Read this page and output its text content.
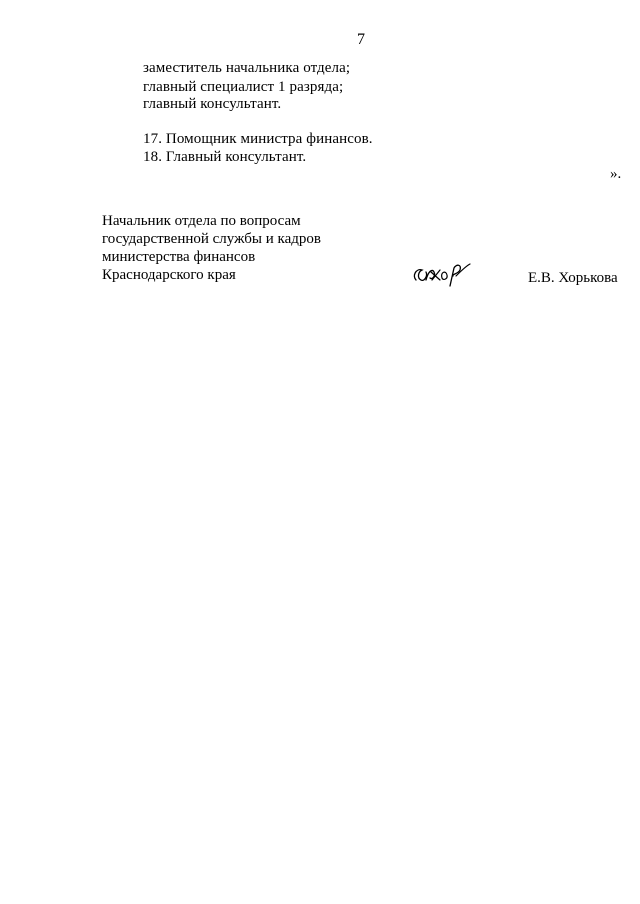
7
заместитель начальника отдела;
главный специалист 1 разряда;
главный консультант.
17. Помощник министра финансов.
18. Главный консультант.
».
Начальник отдела по вопросам
государственной службы и кадров
министерства финансов
Краснодарского края	Е.В. Хорькова
